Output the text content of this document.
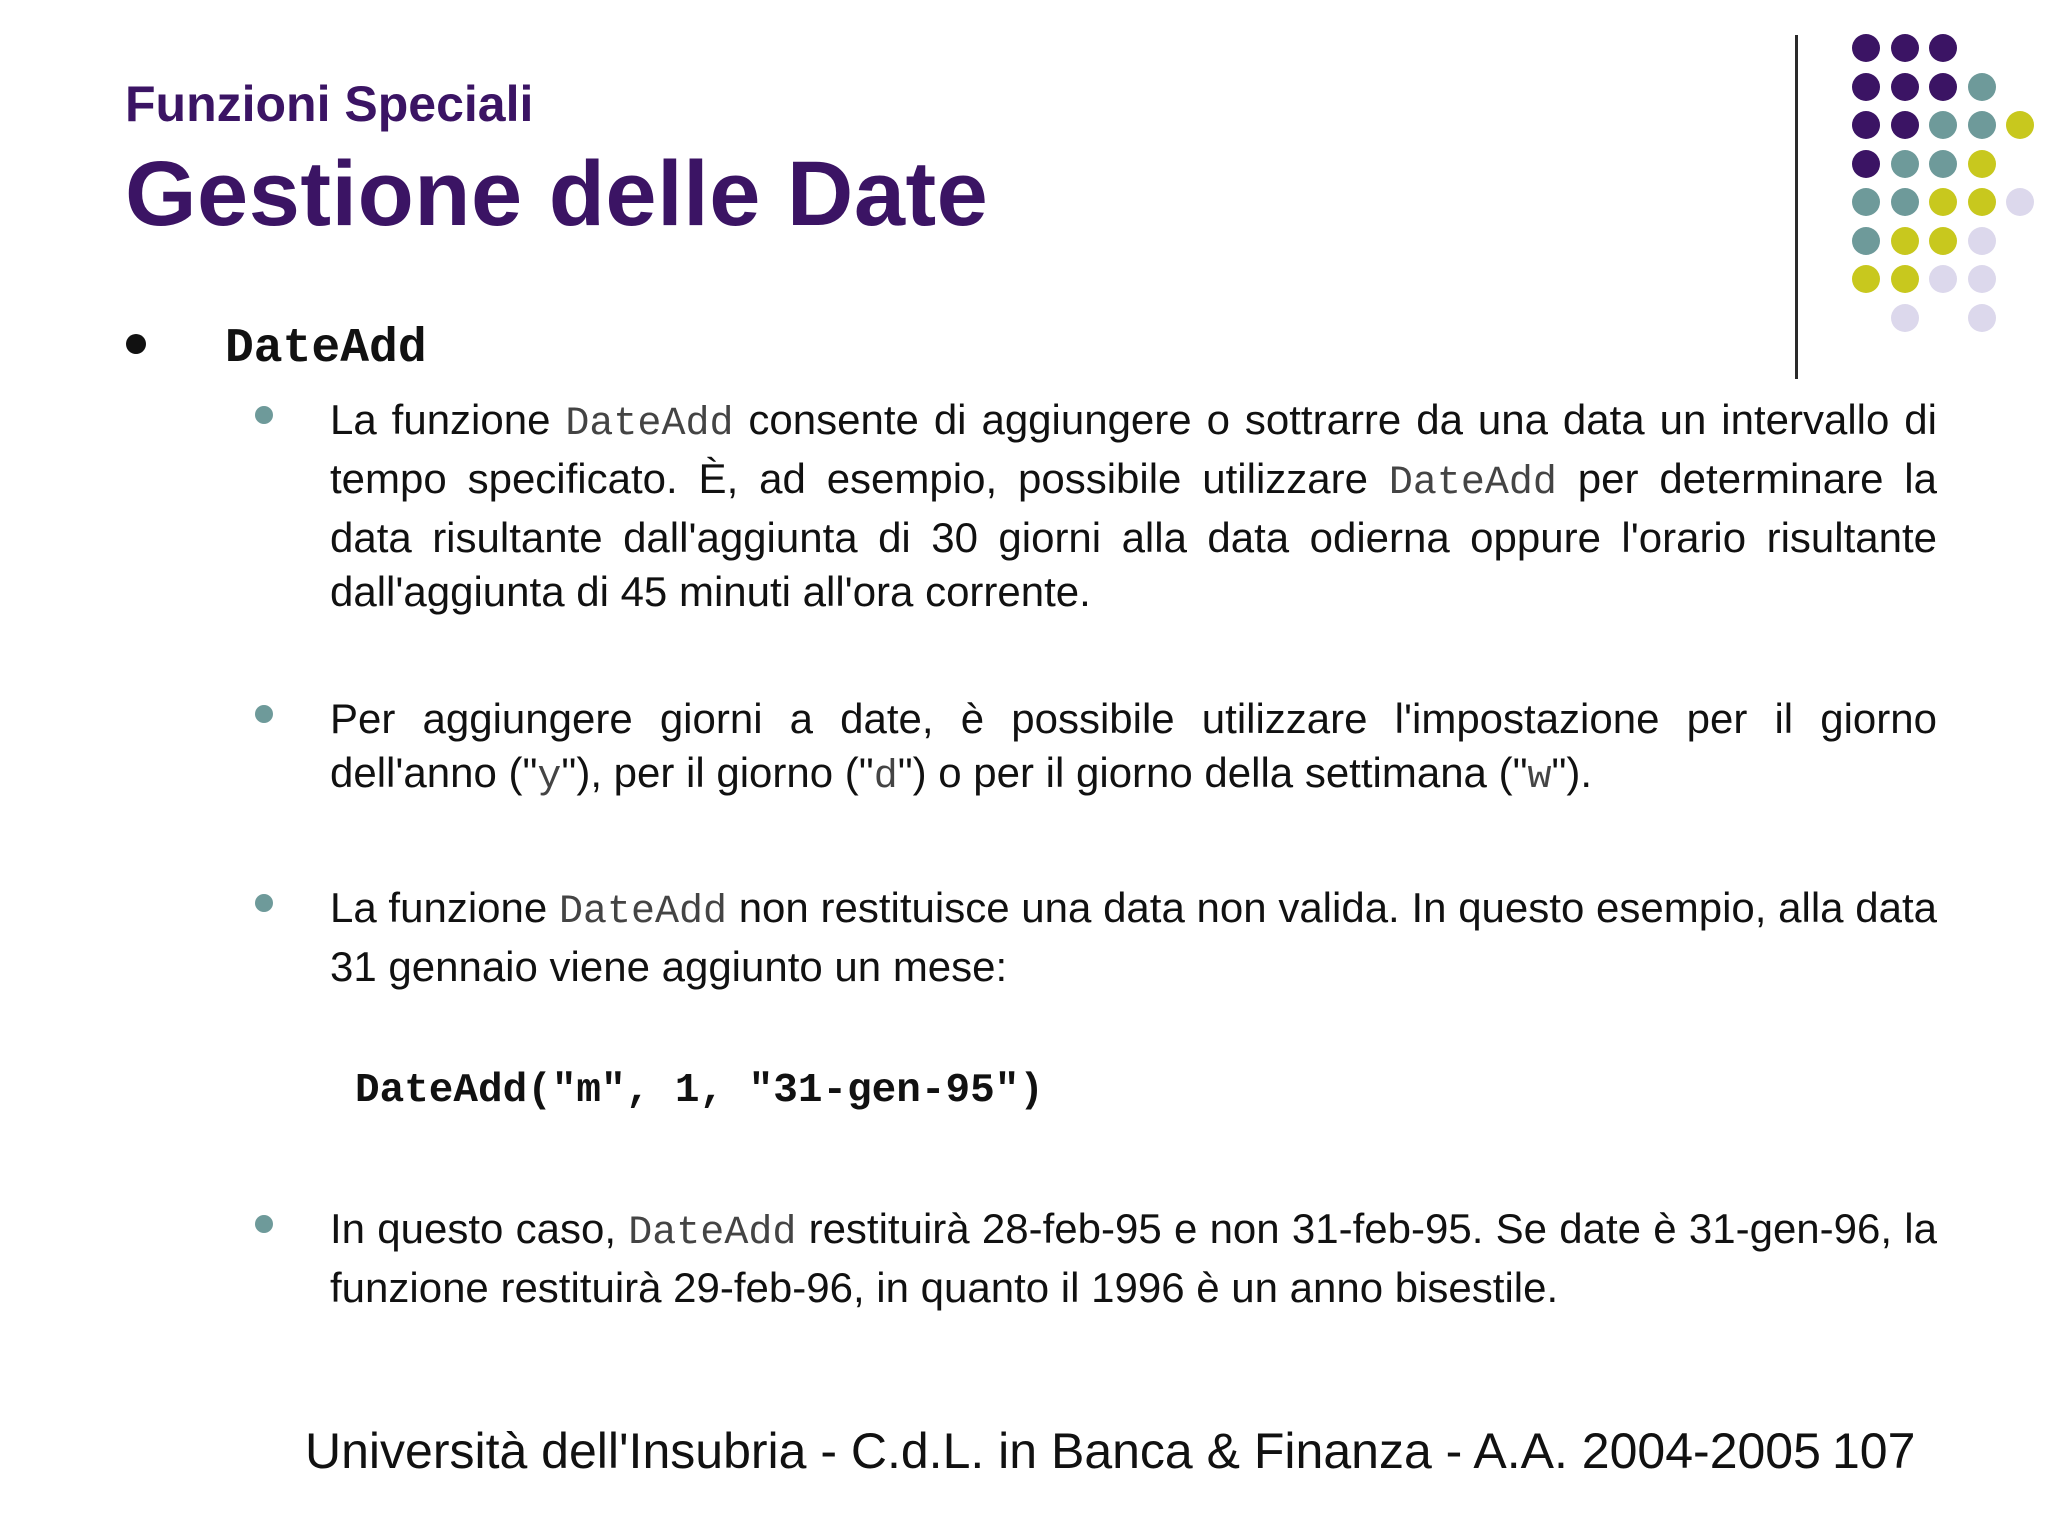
Funzioni Speciali
Gestione delle Date
DateAdd
La funzione DateAdd consente di aggiungere o sottrarre da una data un intervallo di tempo specificato. È, ad esempio, possibile utilizzare DateAdd per determinare la data risultante dall'aggiunta di 30 giorni alla data odierna oppure l'orario risultante dall'aggiunta di 45 minuti all'ora corrente.
Per aggiungere giorni a date, è possibile utilizzare l'impostazione per il giorno dell'anno ("y"), per il giorno ("d") o per il giorno della settimana ("w").
La funzione DateAdd non restituisce una data non valida. In questo esempio, alla data 31 gennaio viene aggiunto un mese:
DateAdd("m", 1, "31-gen-95")
In questo caso, DateAdd restituirà 28-feb-95 e non 31-feb-95. Se date è 31-gen-96, la funzione restituirà 29-feb-96, in quanto il 1996 è un anno bisestile.
Università dell'Insubria - C.d.L. in Banca & Finanza - A.A. 2004-2005 107
